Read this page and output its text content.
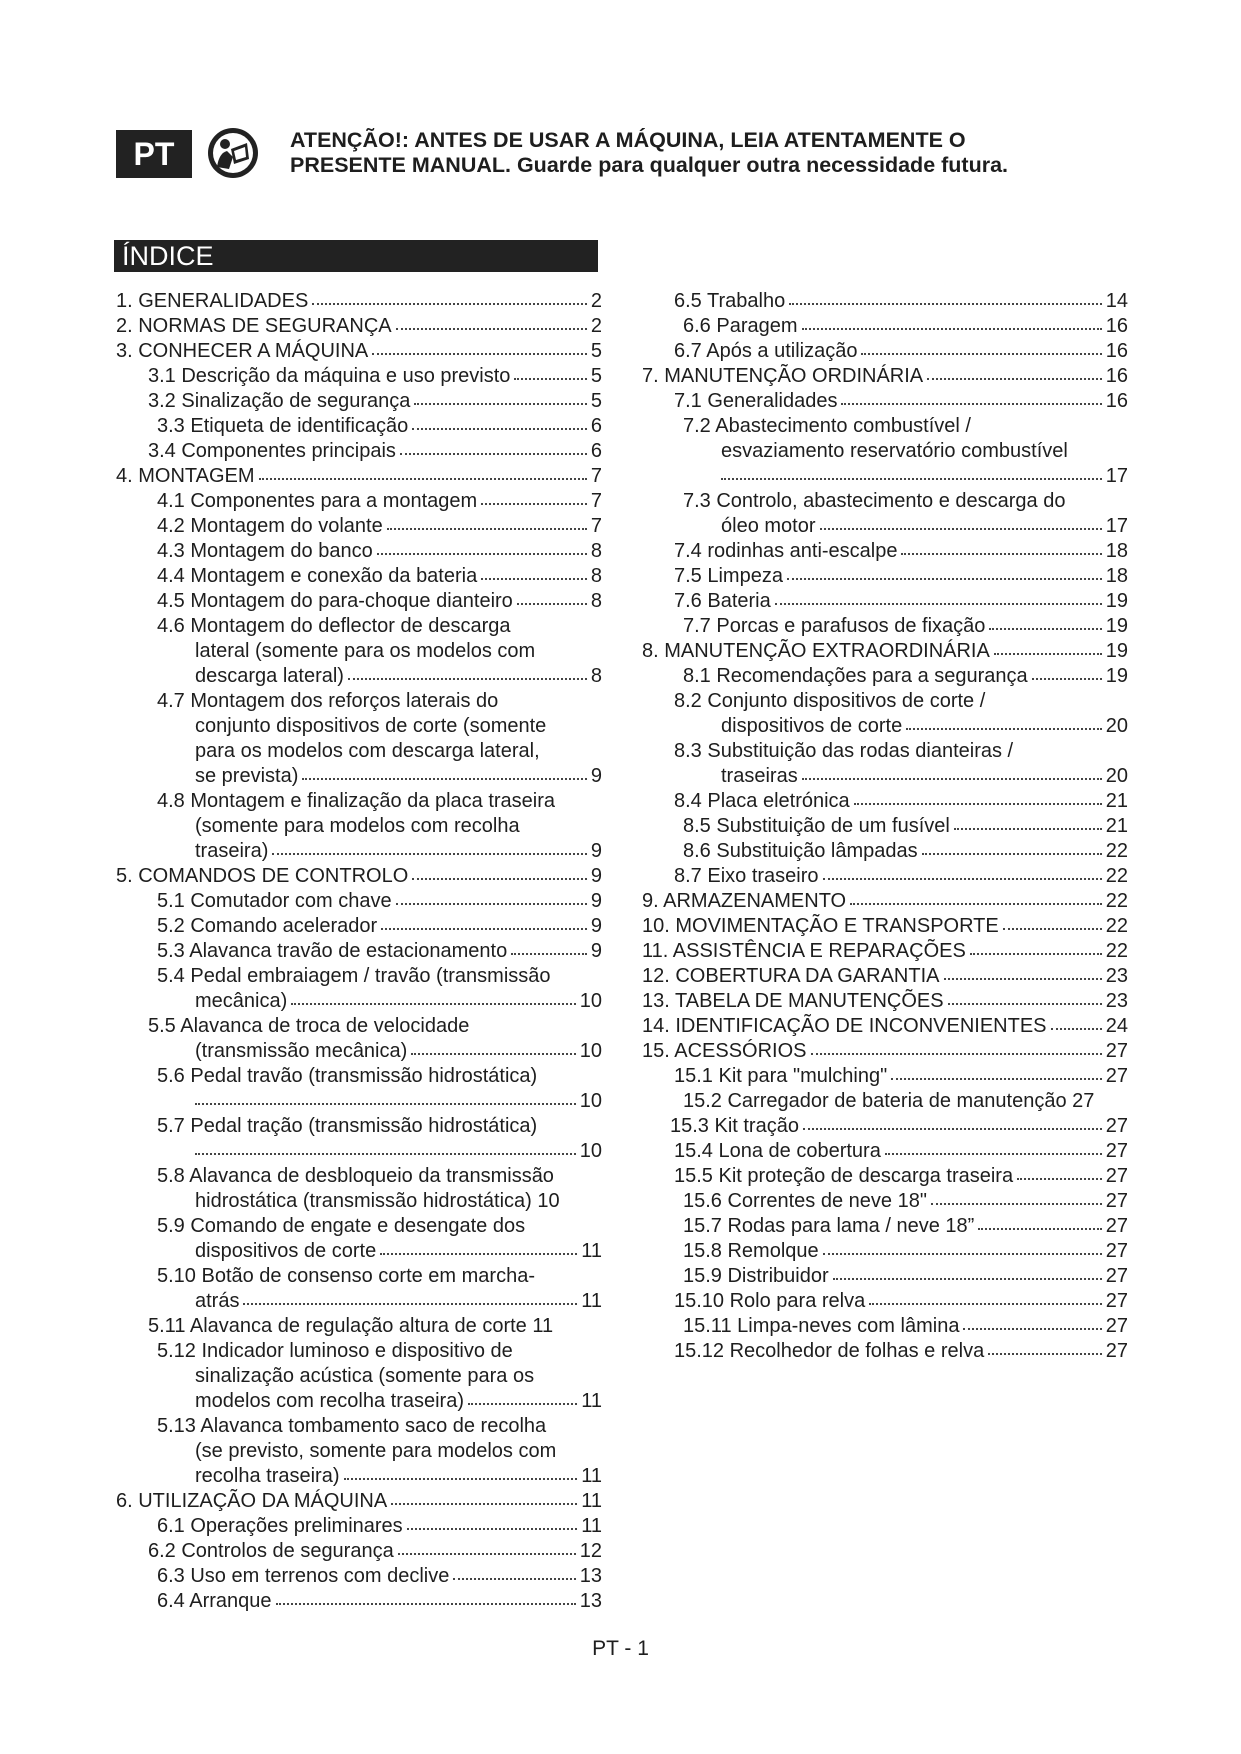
PT	ATENÇÃO!: ANTES DE USAR A MÁQUINA, LEIA ATENTAMENTE O
PRESENTE MANUAL. Guarde para qualquer outra necessidade futura.
ÍNDICE
1. GENERALIDADES	2
2. NORMAS DE SEGURANÇA	2
3. CONHECER A MÁQUINA	5
3.1 Descrição da máquina e uso previsto	5
3.2 Sinalização de segurança	5
3.3 Etiqueta de identificação	6
3.4 Componentes principais	6
4. MONTAGEM	7
4.1 Componentes para a montagem	7
4.2 Montagem do volante	7
4.3 Montagem do banco	8
4.4 Montagem e conexão da bateria	8
4.5 Montagem do para-choque dianteiro	8
4.6 Montagem do deflector de descarga
lateral (somente para os modelos com
descarga lateral)	8
4.7 Montagem dos reforços laterais do
conjunto dispositivos de corte (somente
para os modelos com descarga lateral,
se prevista)	9
4.8 Montagem e finalização da placa traseira
(somente para modelos com recolha
traseira)	9
5. COMANDOS DE CONTROLO	9
5.1 Comutador com chave	9
5.2 Comando acelerador	9
5.3 Alavanca travão de estacionamento	9
5.4 Pedal embraiagem / travão (transmissão
mecânica)	10
5.5 Alavanca de troca de velocidade
(transmissão mecânica)	10
5.6 Pedal travão (transmissão hidrostática)
10
5.7 Pedal tração (transmissão hidrostática)
10
5.8 Alavanca de desbloqueio da transmissão
hidrostática (transmissão hidrostática) 10
5.9 Comando de engate e desengate dos
dispositivos de corte	11
5.10 Botão de consenso corte em marcha-
atrás	11
5.11 Alavanca de regulação altura de corte 11
5.12 Indicador luminoso e dispositivo de
sinalização acústica (somente para os
modelos com recolha traseira)	11
5.13 Alavanca tombamento saco de recolha
(se previsto, somente para modelos com
recolha traseira)	11
6. UTILIZAÇÃO DA MÁQUINA	11
6.1 Operações preliminares	11
6.2 Controlos de segurança	12
6.3 Uso em terrenos com declive	13
6.4 Arranque	13
6.5 Trabalho	14
6.6 Paragem	16
6.7 Após a utilização	16
7. MANUTENÇÃO ORDINÁRIA	16
7.1 Generalidades	16
7.2 Abastecimento combustível /
esvaziamento reservatório combustível
17
7.3 Controlo, abastecimento e descarga do
óleo motor	17
7.4 rodinhas anti-escalpe	18
7.5 Limpeza	18
7.6 Bateria	19
7.7 Porcas e parafusos de fixação	19
8. MANUTENÇÃO EXTRAORDINÁRIA	19
8.1 Recomendações para a segurança	19
8.2 Conjunto dispositivos de corte /
dispositivos de corte	20
8.3 Substituição das rodas dianteiras /
traseiras	20
8.4 Placa eletrónica	21
8.5 Substituição de um fusível	21
8.6 Substituição lâmpadas	22
8.7 Eixo traseiro	22
9. ARMAZENAMENTO	22
10. MOVIMENTAÇÃO E TRANSPORTE	22
11. ASSISTÊNCIA E REPARAÇÕES	22
12. COBERTURA DA GARANTIA	23
13. TABELA DE MANUTENÇÕES	23
14. IDENTIFICAÇÃO DE INCONVENIENTES	24
15. ACESSÓRIOS	27
15.1 Kit para "mulching"	27
15.2 Carregador de bateria de manutenção 27
15.3 Kit tração	27
15.4 Lona de cobertura	27
15.5 Kit proteção de descarga traseira	27
15.6 Correntes de neve 18"	27
15.7 Rodas para lama / neve 18”	27
15.8 Remolque	27
15.9 Distribuidor	27
15.10 Rolo para relva	27
15.11 Limpa-neves com lâmina	27
15.12 Recolhedor de folhas e relva	27
PT - 1
